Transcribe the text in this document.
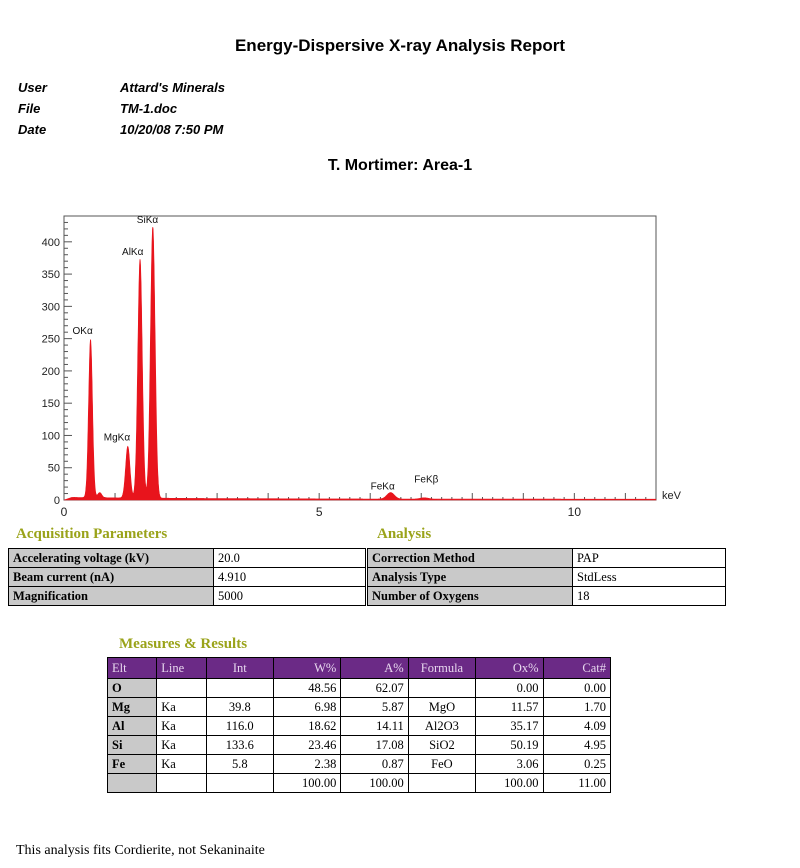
Energy-Dispersive X-ray Analysis Report
User	Attard's Minerals
File	TM-1.doc
Date	10/20/08 7:50 PM
T. Mortimer: Area-1
0
50
100
150
200
250
300
350
400
0	5	10
keV
OKα
MgKα
AlKα
SiKα
FeKα
FeKβ
Acquisition Parameters	Analysis
Accelerating voltage (kV)	20.0
Beam current (nA)	4.910
Magnification	5000
Correction Method	PAP
Analysis Type	StdLess
Number of Oxygens	18
Measures & Results
Elt	Line	Int	W%	A%	Formula	Ox%	Cat#
O			48.56	62.07		0.00	0.00
Mg	Ka	39.8	6.98	5.87	MgO	11.57	1.70
Al	Ka	116.0	18.62	14.11	Al2O3	35.17	4.09
Si	Ka	133.6	23.46	17.08	SiO2	50.19	4.95
Fe	Ka	5.8	2.38	0.87	FeO	3.06	0.25
			100.00	100.00		100.00	11.00
This analysis fits Cordierite, not Sekaninaite
